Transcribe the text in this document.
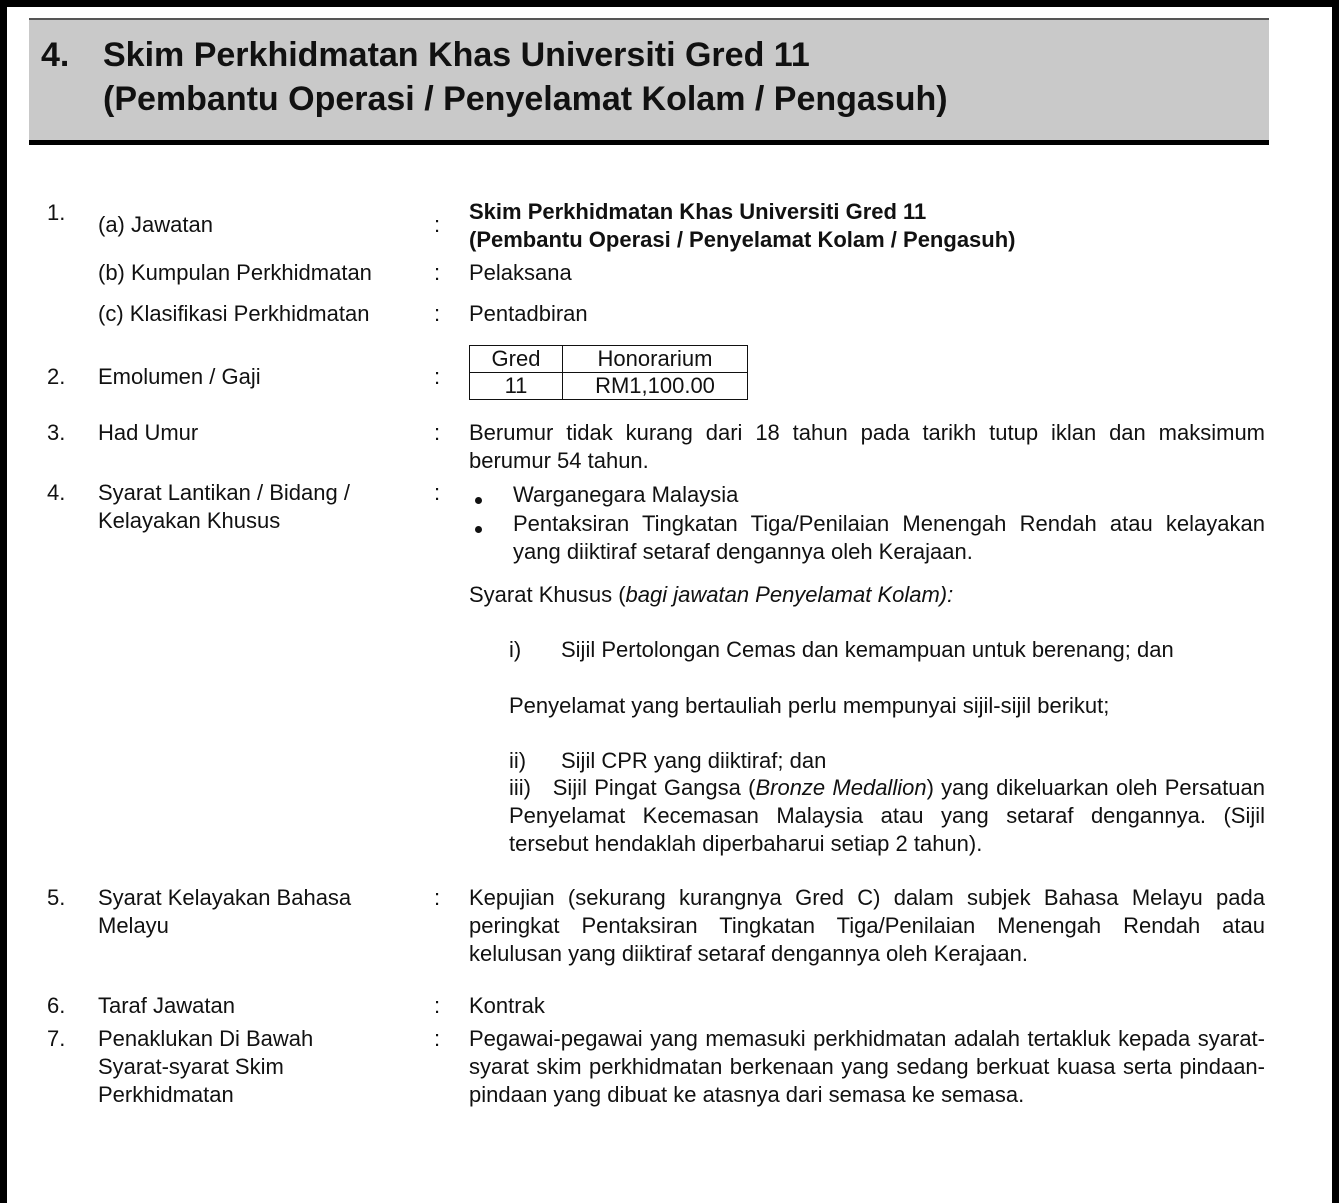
4. Skim Perkhidmatan Khas Universiti Gred 11
(Pembantu Operasi / Penyelamat Kolam / Pengasuh)
1. (a) Jawatan	:
Skim Perkhidmatan Khas Universiti Gred 11
(Pembantu Operasi / Penyelamat Kolam / Pengasuh)
(b) Kumpulan Perkhidmatan	: Pelaksana
(c) Klasifikasi Perkhidmatan	: Pentadbiran
2. Emolumen / Gaji	:
Gred	Honorarium
11	RM1,100.00
3. Had Umur	: Berumur tidak kurang dari 18 tahun pada tarikh tutup iklan dan maksimum berumur 54 tahun.
4. Syarat Lantikan / Bidang /
Kelayakan Khusus
:	Warganegara Malaysia
Pentaksiran Tingkatan Tiga/Penilaian Menengah Rendah atau kelayakan yang diiktiraf setaraf dengannya oleh Kerajaan.
Syarat Khusus (bagi jawatan Penyelamat Kolam):
i) Sijil Pertolongan Cemas dan kemampuan untuk berenang; dan
Penyelamat yang bertauliah perlu mempunyai sijil-sijil berikut;
ii) Sijil CPR yang diiktiraf; dan
iii) Sijil Pingat Gangsa (Bronze Medallion) yang dikeluarkan oleh Persatuan Penyelamat Kecemasan Malaysia atau yang setaraf dengannya. (Sijil tersebut hendaklah diperbaharui setiap 2 tahun).
5. Syarat Kelayakan Bahasa
Melayu
: Kepujian (sekurang kurangnya Gred C) dalam subjek Bahasa Melayu pada peringkat Pentaksiran Tingkatan Tiga/Penilaian Menengah Rendah atau kelulusan yang diiktiraf setaraf dengannya oleh Kerajaan.
6. Taraf Jawatan	: Kontrak
7. Penaklukan Di Bawah
Syarat-syarat Skim
Perkhidmatan
: Pegawai-pegawai yang memasuki perkhidmatan adalah tertakluk kepada syarat-syarat skim perkhidmatan berkenaan yang sedang berkuat kuasa serta pindaan-pindaan yang dibuat ke atasnya dari semasa ke semasa.
